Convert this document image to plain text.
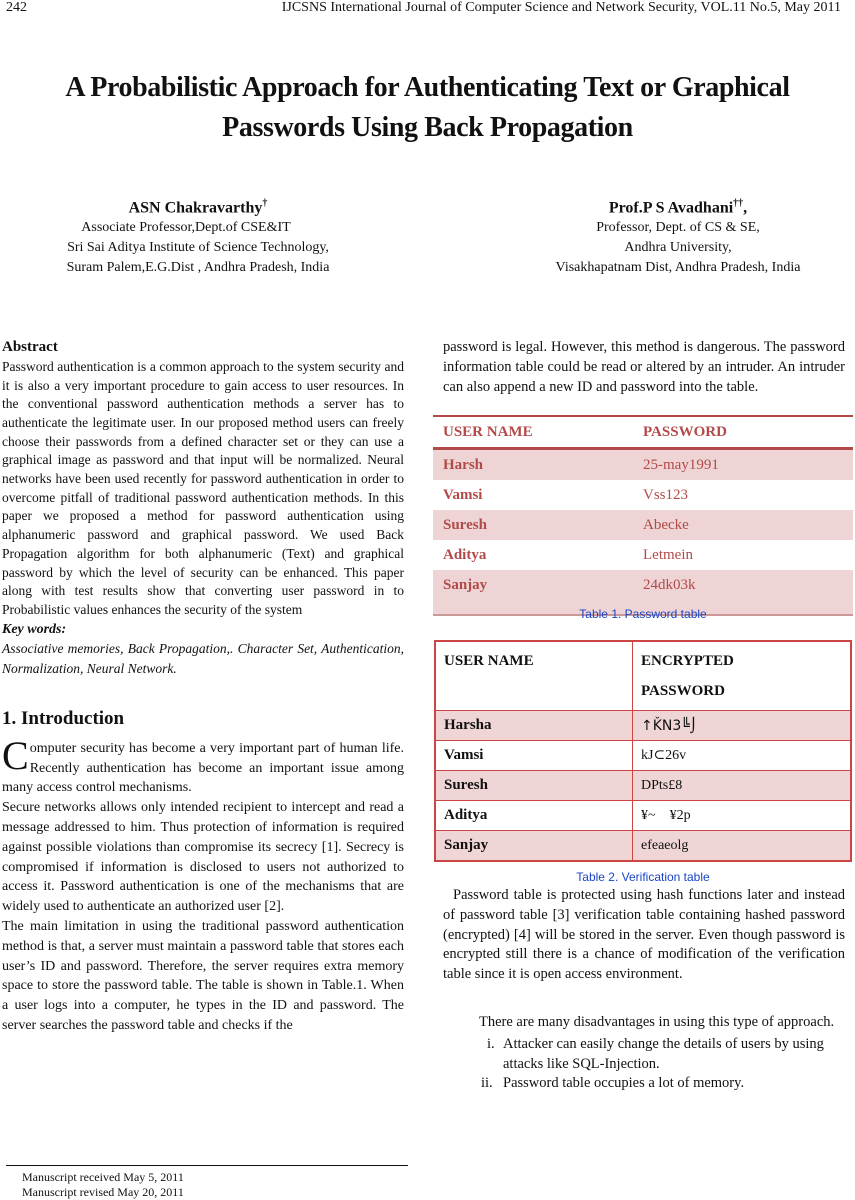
242	IJCSNS International Journal of Computer Science and Network Security, VOL.11 No.5, May 2011
A Probabilistic Approach for Authenticating Text or Graphical
Passwords Using Back Propagation
ASN Chakravarthy†
Associate Professor,Dept.of CSE&IT
Sri Sai Aditya Institute of Science Technology,
Suram Palem,E.G.Dist , Andhra Pradesh, India
Prof.P S Avadhani††,
Professor, Dept. of CS & SE,
Andhra University,
Visakhapatnam Dist, Andhra Pradesh, India
Abstract

Password authentication is a common approach to the system security and it is also a very important procedure to gain access to user resources. In the conventional password authentication methods a server has to authenticate the legitimate user. In our proposed method users can freely choose their passwords from a defined character set or they can use a graphical image as password and that input will be normalized. Neural networks have been used recently for password authentication in order to overcome pitfall of traditional password authentication methods. In this paper we proposed a method for password authentication using alphanumeric password and graphical password. We used Back Propagation algorithm for both alphanumeric (Text) and graphical password by which the level of security can be enhanced. This paper along with test results show that converting user password in to Probabilistic values enhances the security of the system

Key words:

Associative memories, Back Propagation,. Character Set, Authentication, Normalization, Neural Network.

1. Introduction

Computer security has become a very important part of human life. Recently authentication has become an important issue among many access control mechanisms.

Secure networks allows only intended recipient to intercept and read a message addressed to him. Thus protection of information is required against possible violations than compromise its secrecy [1]. Secrecy is compromised if information is disclosed to users not authorized to access it. Password authentication is one of the mechanisms that are widely used to authenticate an authorized user [2].

The main limitation in using the traditional password authentication method is that, a server must maintain a password table that stores each user’s ID and password. Therefore, the server requires extra memory space to store the password table. The table is shown in Table.1. When a user logs into a computer, he types in the ID and password. The server searches the password table and checks if the

password is legal. However, this method is dangerous. The password information table could be read or altered by an intruder. An intruder can also append a new ID and password into the table.

USER NAME	PASSWORD
Harsh	25-may1991
Vamsi	Vss123
Suresh	Abecke
Aditya	Letmein
Sanjay	24dk03k
Table 1. Password table
USER NAME	ENCRYPTED
PASSWORD

Harsha	↑ǨN3╚⌡
Vamsi	kJ⊂26v
Suresh	DPts£8
Aditya	¥~    ¥2p
Sanjay	efeaeolg
Table 2. Verification table

Password table is protected using hash functions later and instead of password table [3] verification table containing hashed password (encrypted) [4] will be stored in the server. Even though password is encrypted still there is a chance of modification of the verification table since it is open access environment.

There are many disadvantages in using this type of approach.

i. Attacker can easily change the details of users by using attacks like SQL-Injection.
ii. Password table occupies a lot of memory.
Manuscript received May 5, 2011
Manuscript revised May 20, 2011
